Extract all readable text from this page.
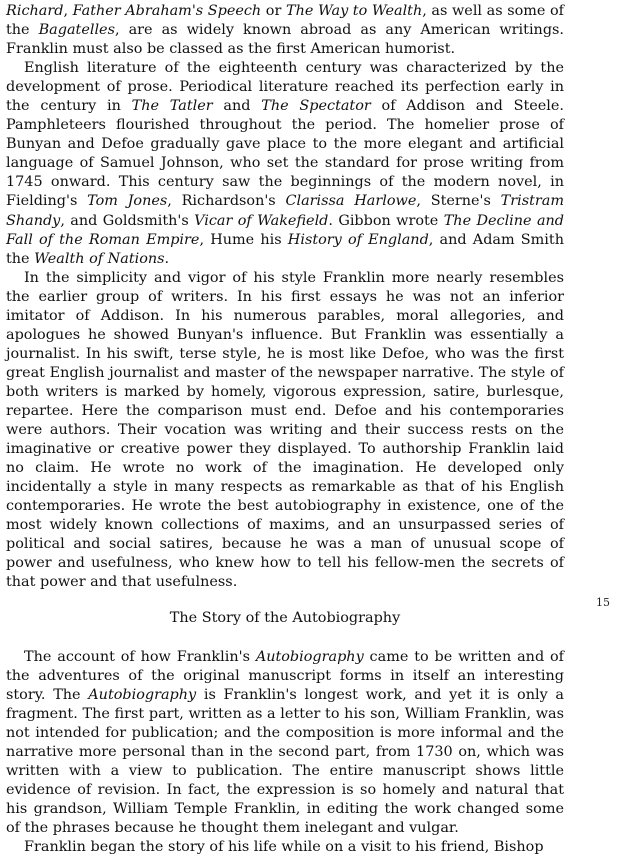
Richard, Father Abraham's Speech or The Way to Wealth, as well as some of the Bagatelles, are as widely known abroad as any American writings. Franklin must also be classed as the first American humorist.

English literature of the eighteenth century was characterized by the development of prose. Periodical literature reached its perfection early in the century in The Tatler and The Spectator of Addison and Steele. Pamphleteers flourished throughout the period. The homelier prose of Bunyan and Defoe gradually gave place to the more elegant and artificial language of Samuel Johnson, who set the standard for prose writing from 1745 onward. This century saw the beginnings of the modern novel, in Fielding's Tom Jones, Richardson's Clarissa Harlowe, Sterne's Tristram Shandy, and Goldsmith's Vicar of Wakefield. Gibbon wrote The Decline and Fall of the Roman Empire, Hume his History of England, and Adam Smith the Wealth of Nations.

In the simplicity and vigor of his style Franklin more nearly resembles the earlier group of writers. In his first essays he was not an inferior imitator of Addison. In his numerous parables, moral allegories, and apologues he showed Bunyan's influence. But Franklin was essentially a journalist. In his swift, terse style, he is most like Defoe, who was the first great English journalist and master of the newspaper narrative. The style of both writers is marked by homely, vigorous expression, satire, burlesque, repartee. Here the comparison must end. Defoe and his contemporaries were authors. Their vocation was writing and their success rests on the imaginative or creative power they displayed. To authorship Franklin laid no claim. He wrote no work of the imagination. He developed only incidentally a style in many respects as remarkable as that of his English contemporaries. He wrote the best autobiography in existence, one of the most widely known collections of maxims, and an unsurpassed series of political and social satires, because he was a man of unusual scope of power and usefulness, who knew how to tell his fellow-men the secrets of that power and that usefulness.

The Story of the Autobiography

The account of how Franklin's Autobiography came to be written and of the adventures of the original manuscript forms in itself an interesting story. The Autobiography is Franklin's longest work, and yet it is only a fragment. The first part, written as a letter to his son, William Franklin, was not intended for publication; and the composition is more informal and the narrative more personal than in the second part, from 1730 on, which was written with a view to publication. The entire manuscript shows little evidence of revision. In fact, the expression is so homely and natural that his grandson, William Temple Franklin, in editing the work changed some of the phrases because he thought them inelegant and vulgar.

Franklin began the story of his life while on a visit to his friend, Bishop

15
